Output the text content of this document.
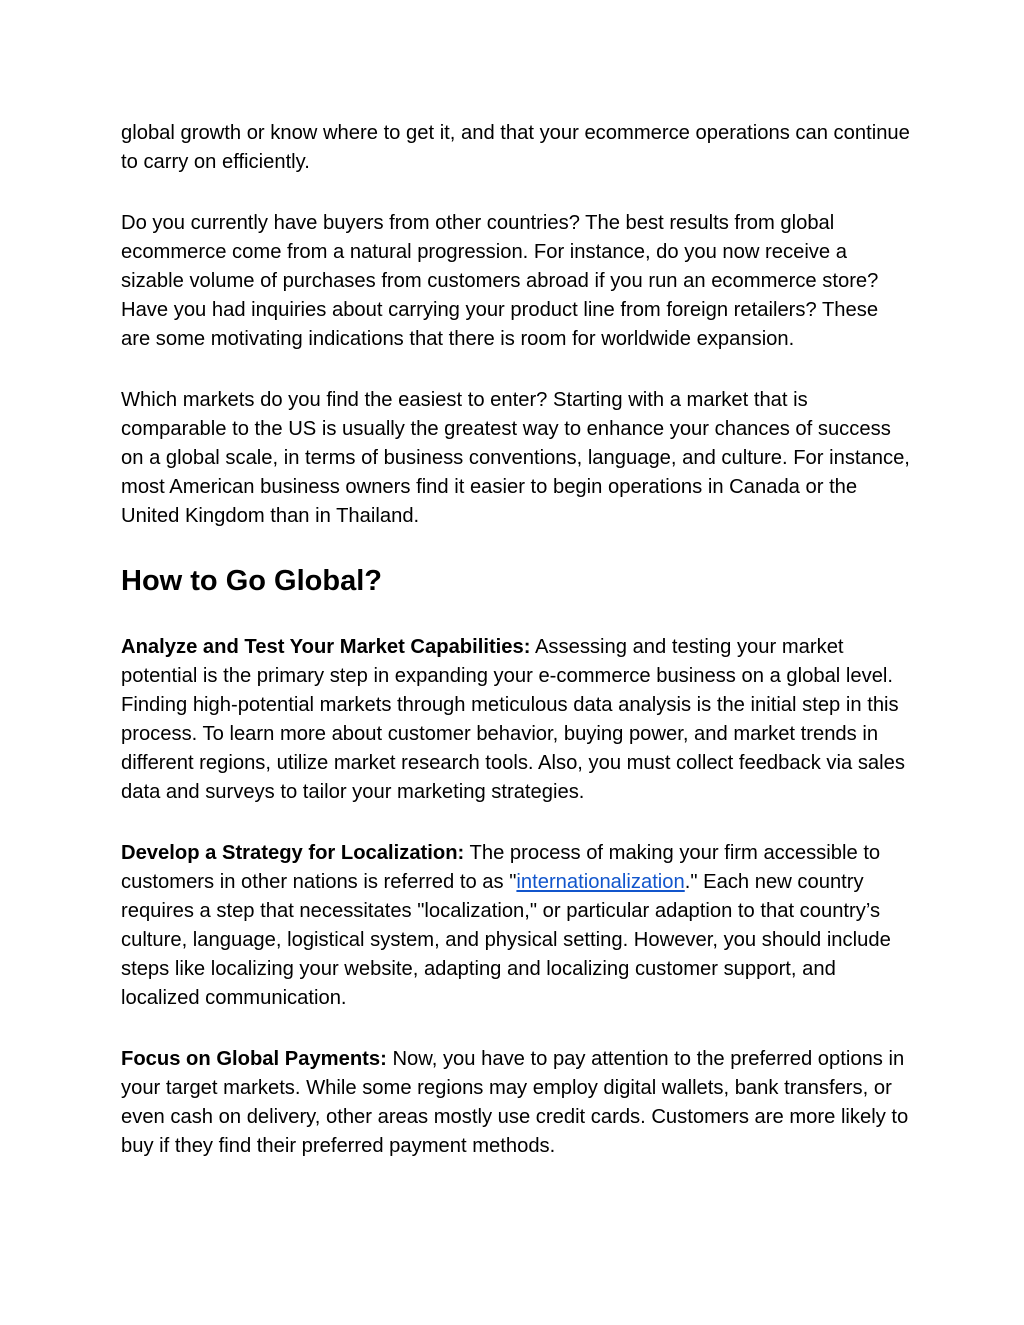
global growth or know where to get it, and that your ecommerce operations can continue to carry on efficiently.

Do you currently have buyers from other countries? The best results from global ecommerce come from a natural progression. For instance, do you now receive a sizable volume of purchases from customers abroad if you run an ecommerce store? Have you had inquiries about carrying your product line from foreign retailers? These are some motivating indications that there is room for worldwide expansion.

Which markets do you find the easiest to enter? Starting with a market that is comparable to the US is usually the greatest way to enhance your chances of success on a global scale, in terms of business conventions, language, and culture. For instance, most American business owners find it easier to begin operations in Canada or the United Kingdom than in Thailand.

How to Go Global?

Analyze and Test Your Market Capabilities: Assessing and testing your market potential is the primary step in expanding your e-commerce business on a global level. Finding high-potential markets through meticulous data analysis is the initial step in this process. To learn more about customer behavior, buying power, and market trends in different regions, utilize market research tools. Also, you must collect feedback via sales data and surveys to tailor your marketing strategies.

Develop a Strategy for Localization: The process of making your firm accessible to customers in other nations is referred to as "internationalization." Each new country requires a step that necessitates "localization," or particular adaption to that country’s culture, language, logistical system, and physical setting. However, you should include steps like localizing your website, adapting and localizing customer support, and localized communication.

Focus on Global Payments: Now, you have to pay attention to the preferred options in your target markets. While some regions may employ digital wallets, bank transfers, or even cash on delivery, other areas mostly use credit cards. Customers are more likely to buy if they find their preferred payment methods.
